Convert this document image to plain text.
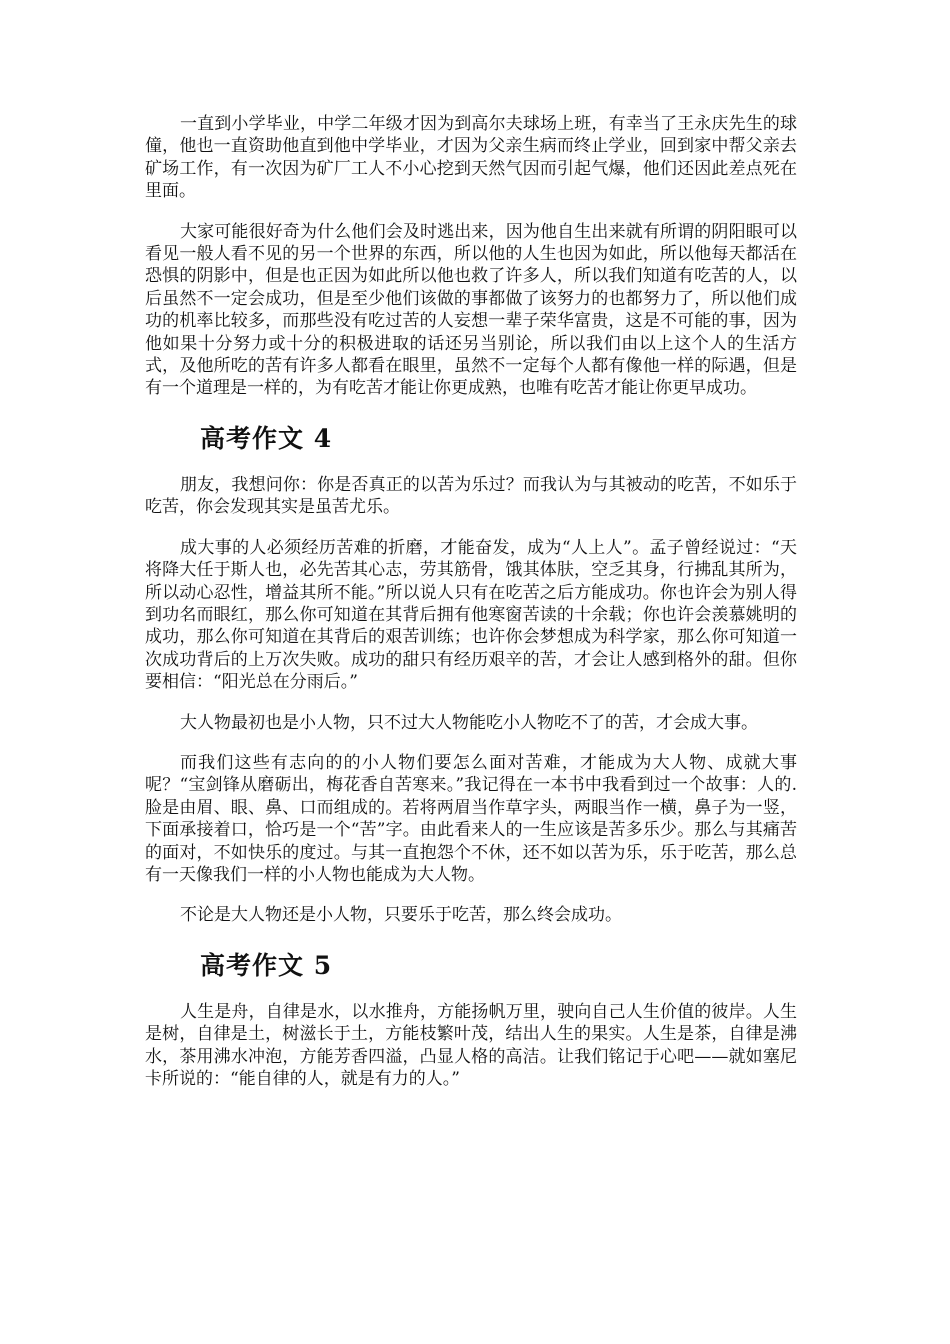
一直到小学毕业，中学二年级才因为到高尔夫球场上班，有幸当了王永庆先生的球僮，他也一直资助他直到他中学毕业，才因为父亲生病而终止学业，回到家中帮父亲去矿场工作，有一次因为矿厂工人不小心挖到天然气因而引起气爆，他们还因此差点死在里面。

大家可能很好奇为什么他们会及时逃出来，因为他自生出来就有所谓的阴阳眼可以看见一般人看不见的另一个世界的东西，所以他的人生也因为如此，所以他每天都活在恐惧的阴影中，但是也正因为如此所以他也救了许多人，所以我们知道有吃苦的人，以后虽然不一定会成功，但是至少他们该做的事都做了该努力的也都努力了，所以他们成功的机率比较多，而那些没有吃过苦的人妄想一辈子荣华富贵，这是不可能的事，因为他如果十分努力或十分的积极进取的话还另当别论，所以我们由以上这个人的生活方式，及他所吃的苦有许多人都看在眼里，虽然不一定每个人都有像他一样的际遇，但是有一个道理是一样的，为有吃苦才能让你更成熟，也唯有吃苦才能让你更早成功。

高考作文 4

朋友，我想问你：你是否真正的以苦为乐过？而我认为与其被动的吃苦，不如乐于吃苦，你会发现其实是虽苦尤乐。

成大事的人必须经历苦难的折磨，才能奋发，成为“人上人”。孟子曾经说过：“天将降大任于斯人也，必先苦其心志，劳其筋骨，饿其体肤，空乏其身，行拂乱其所为，所以动心忍性，增益其所不能。”所以说人只有在吃苦之后方能成功。你也许会为别人得到功名而眼红，那么你可知道在其背后拥有他寒窗苦读的十余载；你也许会羡慕姚明的成功，那么你可知道在其背后的艰苦训练；也许你会梦想成为科学家，那么你可知道一次成功背后的上万次失败。成功的甜只有经历艰辛的苦，才会让人感到格外的甜。但你要相信：“阳光总在分雨后。”

大人物最初也是小人物，只不过大人物能吃小人物吃不了的苦，才会成大事。

而我们这些有志向的的小人物们要怎么面对苦难，才能成为大人物、成就大事呢？“宝剑锋从磨砺出，梅花香自苦寒来。”我记得在一本书中我看到过一个故事：人的.脸是由眉、眼、鼻、口而组成的。若将两眉当作草字头，两眼当作一横，鼻子为一竖，下面承接着口，恰巧是一个“苦”字。由此看来人的一生应该是苦多乐少。那么与其痛苦的面对，不如快乐的度过。与其一直抱怨个不休，还不如以苦为乐，乐于吃苦，那么总有一天像我们一样的小人物也能成为大人物。

不论是大人物还是小人物，只要乐于吃苦，那么终会成功。

高考作文 5

人生是舟，自律是水，以水推舟，方能扬帆万里，驶向自己人生价值的彼岸。人生是树，自律是土，树滋长于土，方能枝繁叶茂，结出人生的果实。人生是茶，自律是沸水，茶用沸水冲泡，方能芳香四溢，凸显人格的高洁。让我们铭记于心吧——就如塞尼卡所说的：“能自律的人，就是有力的人。”
